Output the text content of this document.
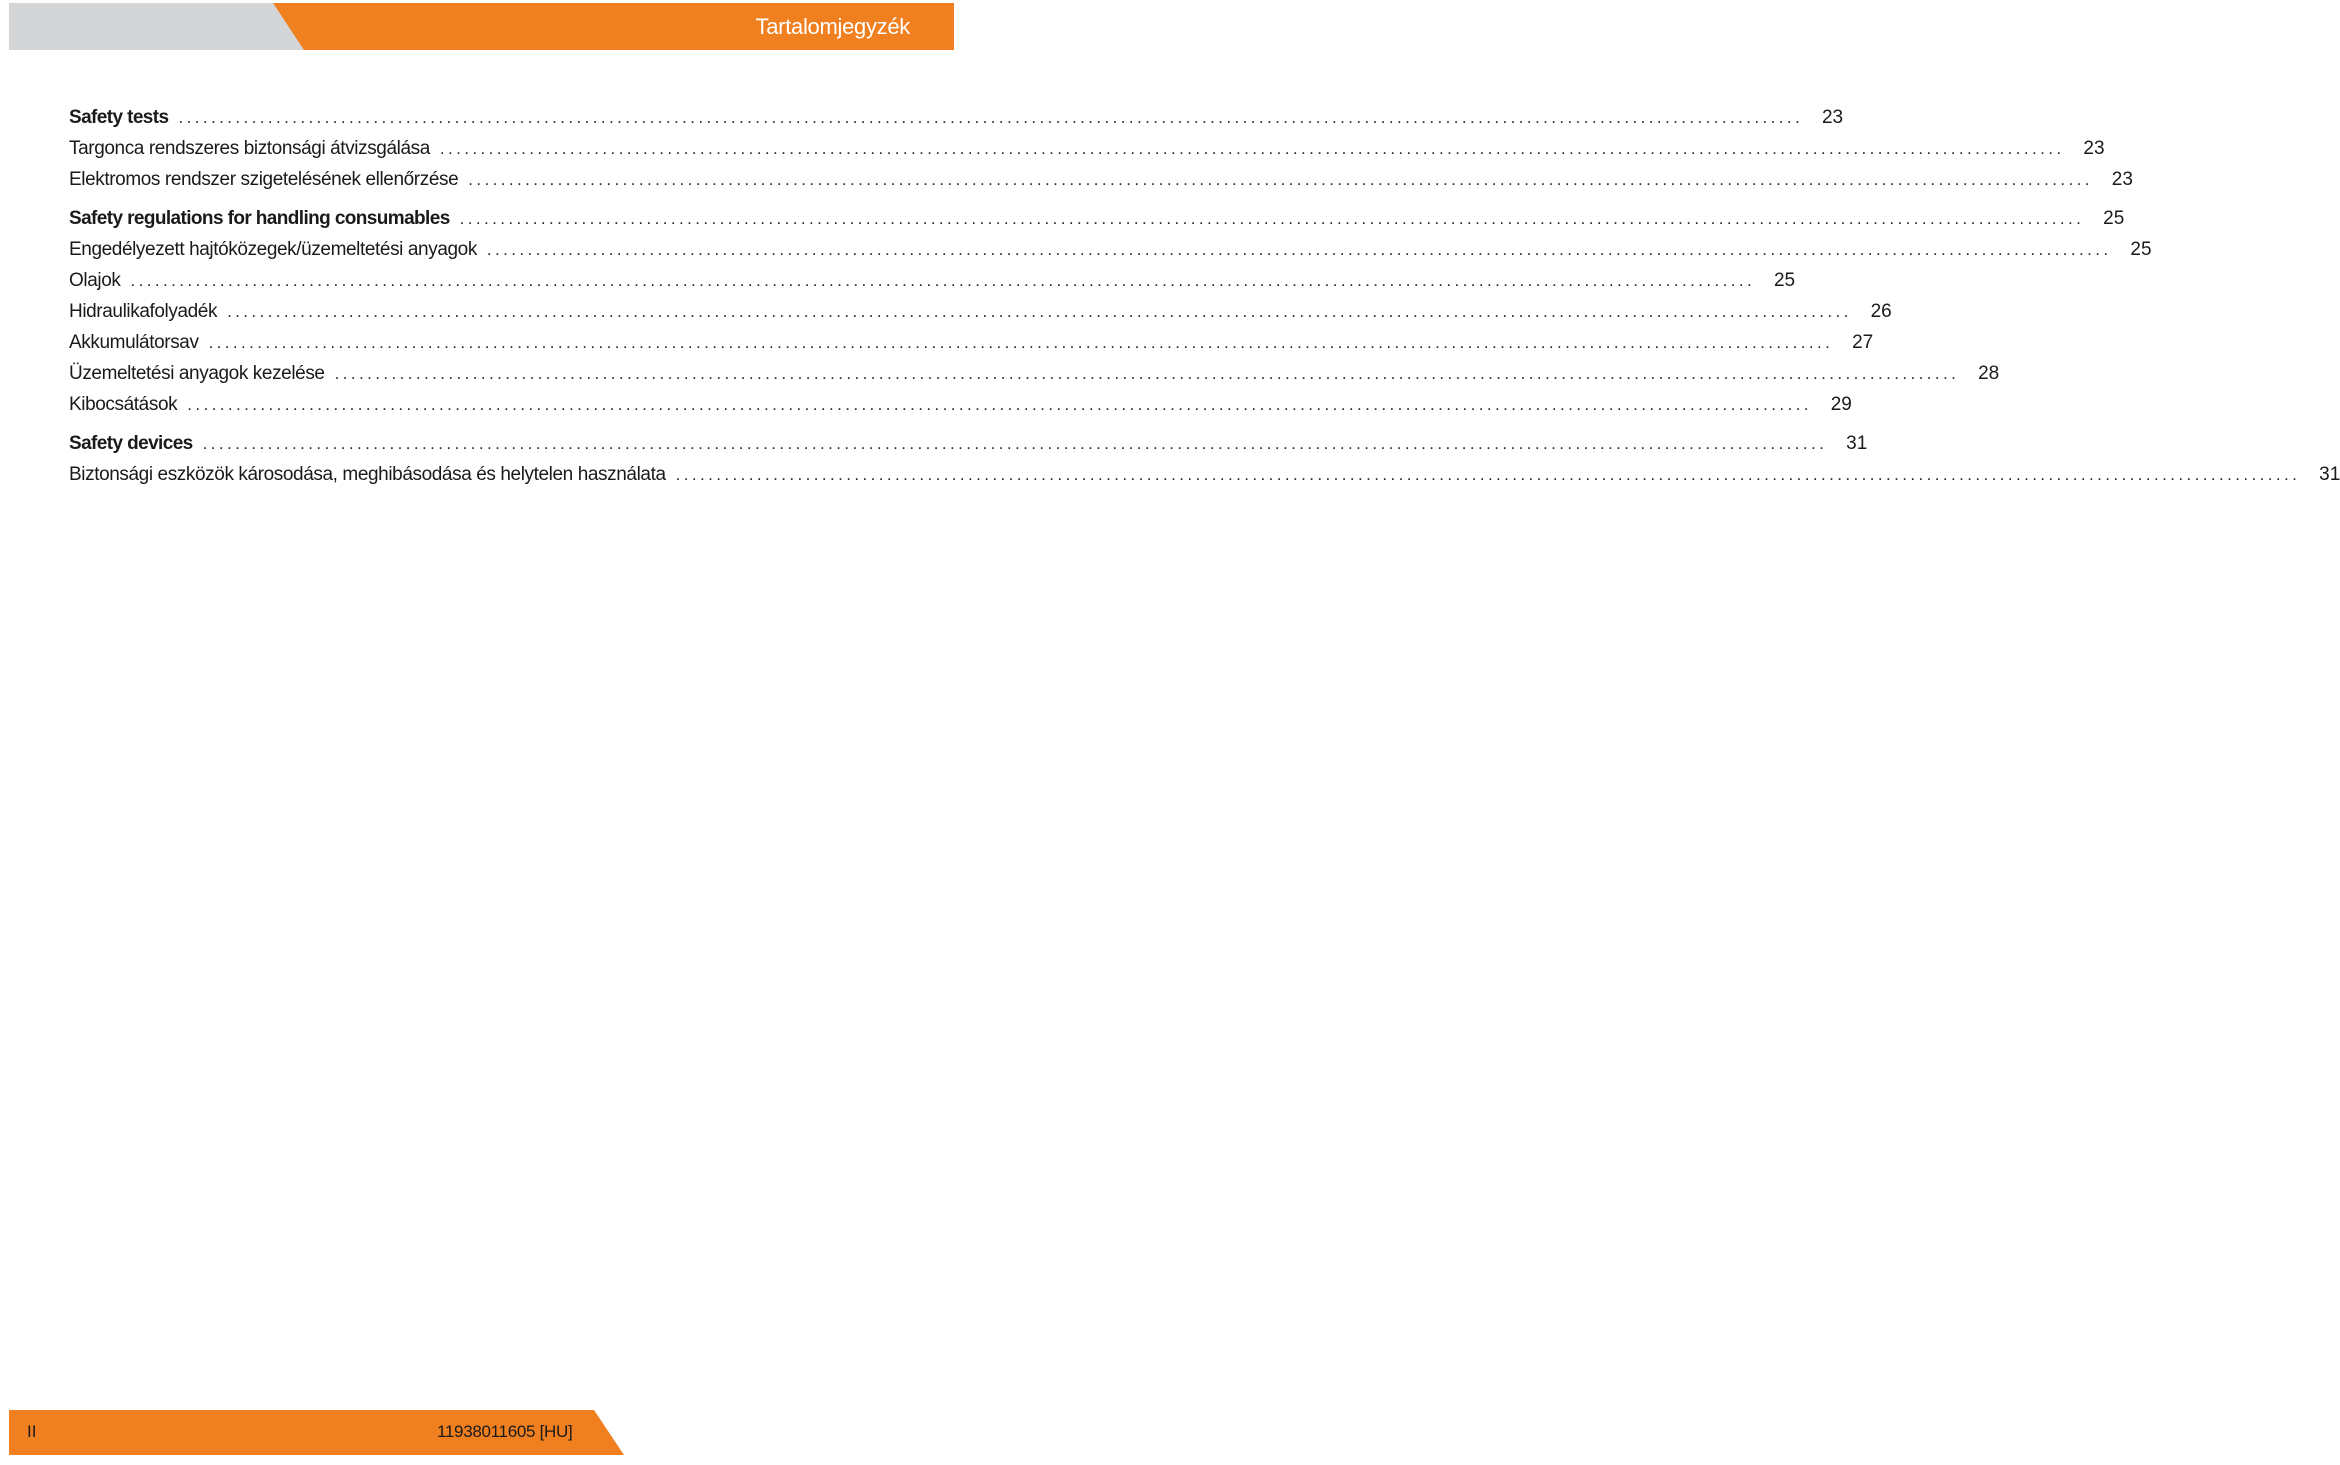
Tartalomjegyzék
Safety tests ........................................................................................................................................................................................................ 23
Targonca rendszeres biztonsági átvizsgálása ........................................................................................................................................................................................................ 23
Elektromos rendszer szigetelésének ellenőrzése ........................................................................................................................................................................................................ 23
Safety regulations for handling consumables ........................................................................................................................................................................................................ 25
Engedélyezett hajtóközegek/üzemeltetési anyagok ........................................................................................................................................................................................................ 25
Olajok ........................................................................................................................................................................................................ 25
Hidraulikafolyadék ........................................................................................................................................................................................................ 26
Akkumulátorsav ........................................................................................................................................................................................................ 27
Üzemeltetési anyagok kezelése ........................................................................................................................................................................................................ 28
Kibocsátások ........................................................................................................................................................................................................ 29
Safety devices ........................................................................................................................................................................................................ 31
Biztonsági eszközök károsodása, meghibásodása és helytelen használata ........................................................................................................................................................................................................ 31
II	11938011605 [HU]
